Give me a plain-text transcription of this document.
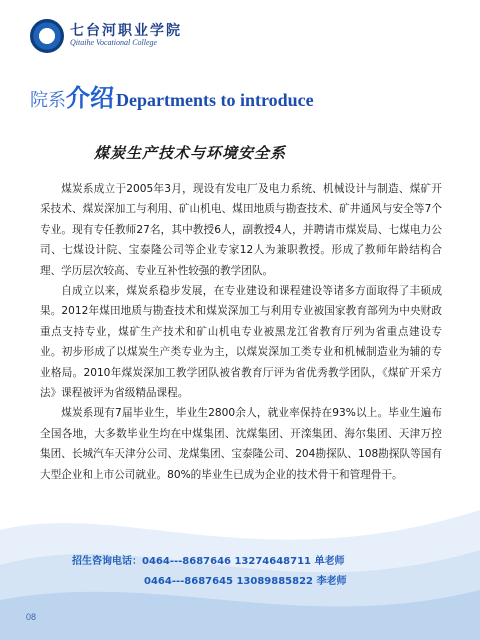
七台河职业学院
Qitaihe Vocational College
院系 介绍 Departments to introduce
煤炭生产技术与环境安全系

煤炭系成立于2005年3月，现设有发电厂及电力系统、机械设计与制造、煤矿开采技术、煤炭深加工与利用、矿山机电、煤田地质与勘查技术、矿井通风与安全等7个专业。现有专任教师27名，其中教授6人，副教授4人，并聘请市煤炭局、七煤电力公司、七煤设计院、宝泰隆公司等企业专家12人为兼职教授。形成了教师年龄结构合理、学历层次较高、专业互补性较强的教学团队。

自成立以来，煤炭系稳步发展，在专业建设和课程建设等诸多方面取得了丰硕成果。2012年煤田地质与勘查技术和煤炭深加工与利用专业被国家教育部列为中央财政重点支持专业，煤矿生产技术和矿山机电专业被黑龙江省教育厅列为省重点建设专业。初步形成了以煤炭生产类专业为主，以煤炭深加工类专业和机械制造业为辅的专业格局。2010年煤炭深加工教学团队被省教育厅评为省优秀教学团队，《煤矿开采方法》课程被评为省级精品课程。

煤炭系现有7届毕业生，毕业生2800余人，就业率保持在93%以上。毕业生遍布全国各地，大多数毕业生均在中煤集团、沈煤集团、开滦集团、海尔集团、天津万控集团、长城汽车天津分公司、龙煤集团、宝泰隆公司、204勘探队、108勘探队等国有大型企业和上市公司就业。80%的毕业生已成为企业的技术骨干和管理骨干。

招生咨询电话：0464---8687646 13274648711 单老师
0464---8687645 13089885822 李老师
08
